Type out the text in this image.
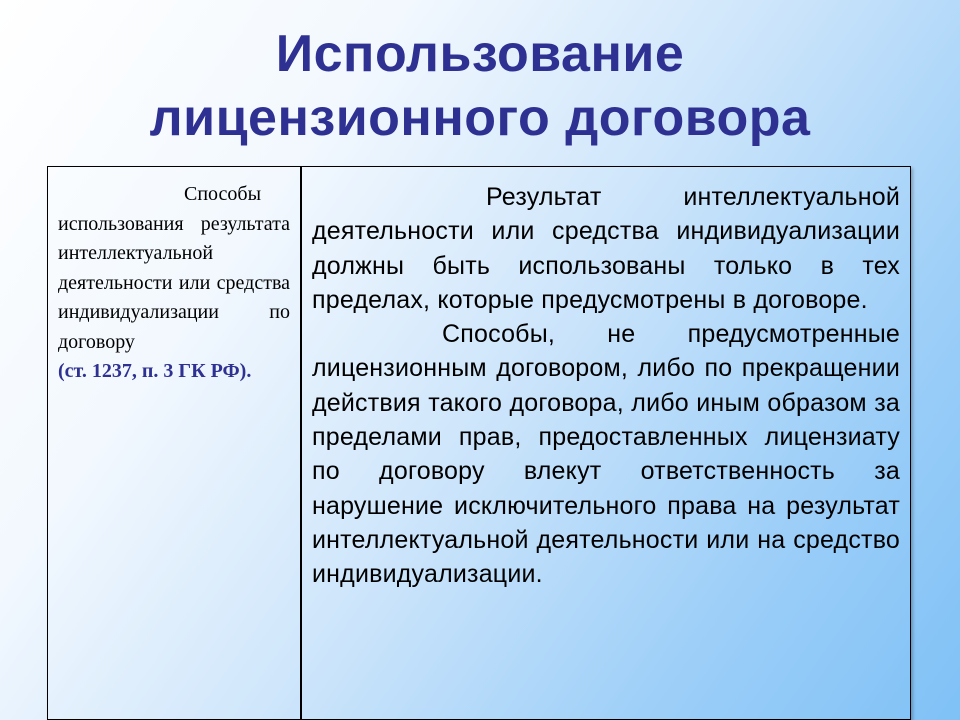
Использование
лицензионного договора
Способы использования результата интеллектуальной деятельности или средства индивидуализации по договору
(ст. 1237, п. 3 ГК РФ).

Результат интеллектуальной деятельности или средства индивидуализации должны быть использованы только в тех пределах, которые предусмотрены в договоре.

Способы, не предусмотренные лицензионным договором, либо по прекращении действия такого договора, либо иным образом за пределами прав, предоставленных лицензиату по договору влекут ответственность за нарушение исключительного права на результат интеллектуальной деятельности или на средство индивидуализации.
